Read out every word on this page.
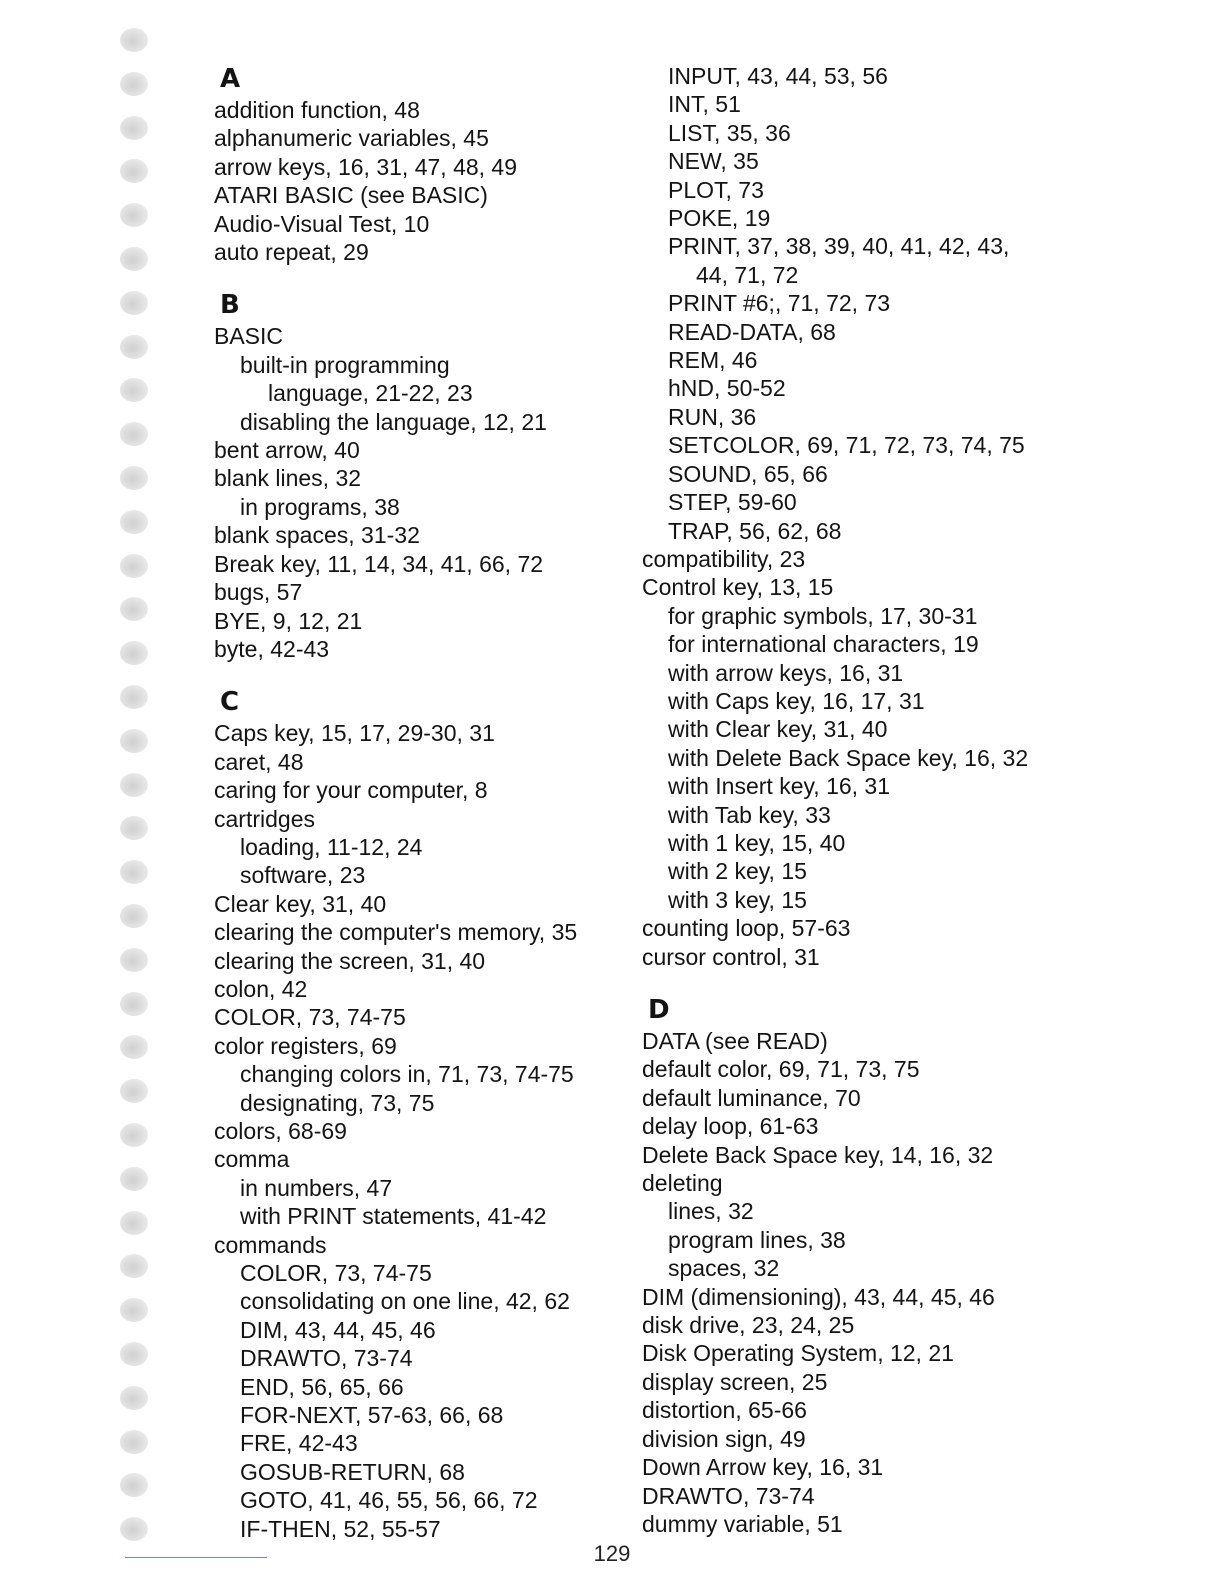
A
addition function, 48
alphanumeric variables, 45
arrow keys, 16, 31, 47, 48, 49
ATARI BASIC (see BASIC)
Audio-Visual Test, 10
auto repeat, 29
B
BASIC
built-in programming
language, 21-22, 23
disabling the language, 12, 21
bent arrow, 40
blank lines, 32
in programs, 38
blank spaces, 31-32
Break key, 11, 14, 34, 41, 66, 72
bugs, 57
BYE, 9, 12, 21
byte, 42-43
C
Caps key, 15, 17, 29-30, 31
caret, 48
caring for your computer, 8
cartridges
loading, 11-12, 24
software, 23
Clear key, 31, 40
clearing the computer's memory, 35
clearing the screen, 31, 40
colon, 42
COLOR, 73, 74-75
color registers, 69
changing colors in, 71, 73, 74-75
designating, 73, 75
colors, 68-69
comma
in numbers, 47
with PRINT statements, 41-42
commands
COLOR, 73, 74-75
consolidating on one line, 42, 62
DIM, 43, 44, 45, 46
DRAWTO, 73-74
END, 56, 65, 66
FOR-NEXT, 57-63, 66, 68
FRE, 42-43
GOSUB-RETURN, 68
GOTO, 41, 46, 55, 56, 66, 72
IF-THEN, 52, 55-57
INPUT, 43, 44, 53, 56
INT, 51
LIST, 35, 36
NEW, 35
PLOT, 73
POKE, 19
PRINT, 37, 38, 39, 40, 41, 42, 43,
44, 71, 72
PRINT #6;, 71, 72, 73
READ-DATA, 68
REM, 46
hND, 50-52
RUN, 36
SETCOLOR, 69, 71, 72, 73, 74, 75
SOUND, 65, 66
STEP, 59-60
TRAP, 56, 62, 68
compatibility, 23
Control key, 13, 15
for graphic symbols, 17, 30-31
for international characters, 19
with arrow keys, 16, 31
with Caps key, 16, 17, 31
with Clear key, 31, 40
with Delete Back Space key, 16, 32
with Insert key, 16, 31
with Tab key, 33
with 1 key, 15, 40
with 2 key, 15
with 3 key, 15
counting loop, 57-63
cursor control, 31
D
DATA (see READ)
default color, 69, 71, 73, 75
default luminance, 70
delay loop, 61-63
Delete Back Space key, 14, 16, 32
deleting
lines, 32
program lines, 38
spaces, 32
DIM (dimensioning), 43, 44, 45, 46
disk drive, 23, 24, 25
Disk Operating System, 12, 21
display screen, 25
distortion, 65-66
division sign, 49
Down Arrow key, 16, 31
DRAWTO, 73-74
dummy variable, 51
129
